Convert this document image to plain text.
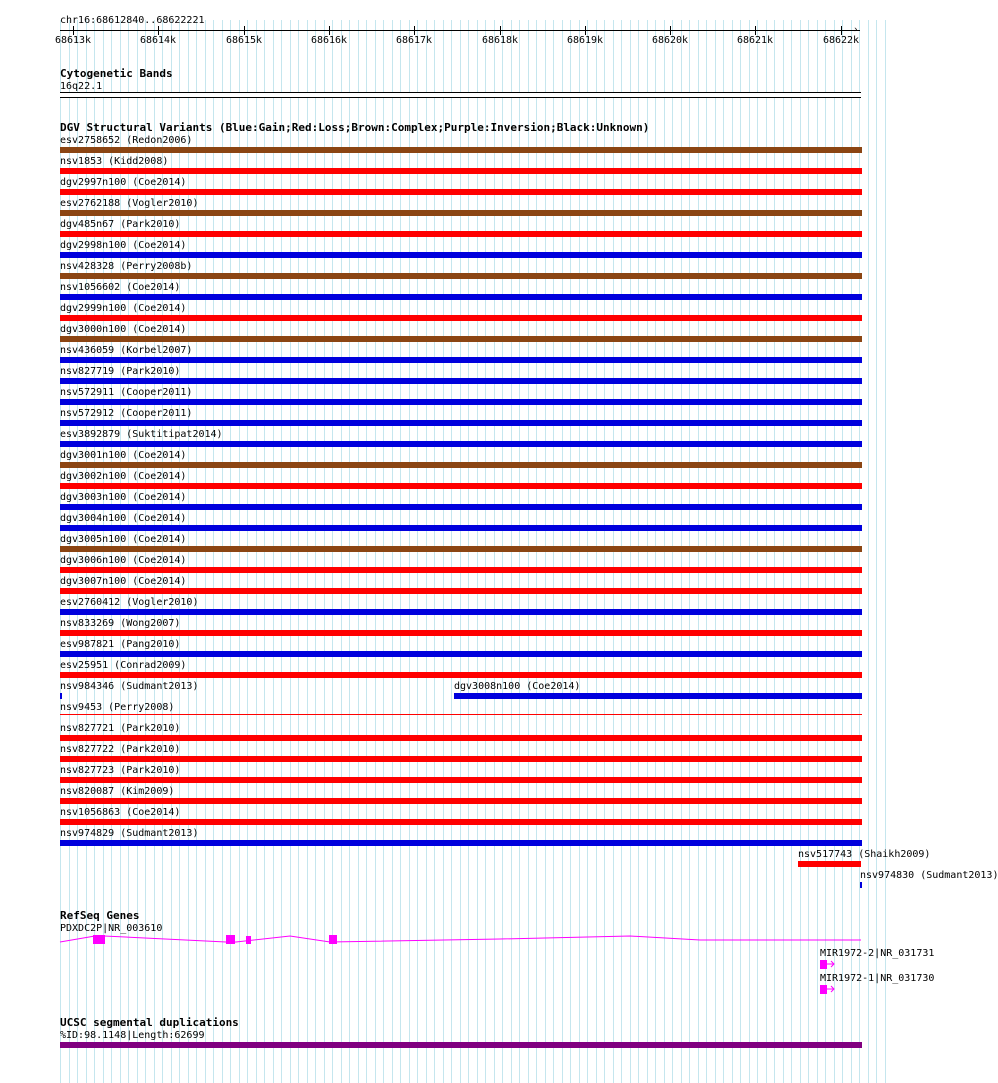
chr16:68612840..68622221
›
68613k	68614k	68615k	68616k	68617k	68618k	68619k	68620k	68621k	68622k
Cytogenetic Bands
16q22.1
DGV Structural Variants (Blue:Gain;Red:Loss;Brown:Complex;Purple:Inversion;Black:Unknown)
esv2758652 (Redon2006)
nsv1853 (Kidd2008)
dgv2997n100 (Coe2014)
esv2762188 (Vogler2010)
dgv485n67 (Park2010)
dgv2998n100 (Coe2014)
nsv428328 (Perry2008b)
nsv1056602 (Coe2014)
dgv2999n100 (Coe2014)
dgv3000n100 (Coe2014)
nsv436059 (Korbel2007)
nsv827719 (Park2010)
nsv572911 (Cooper2011)
nsv572912 (Cooper2011)
esv3892879 (Suktitipat2014)
dgv3001n100 (Coe2014)
dgv3002n100 (Coe2014)
dgv3003n100 (Coe2014)
dgv3004n100 (Coe2014)
dgv3005n100 (Coe2014)
dgv3006n100 (Coe2014)
dgv3007n100 (Coe2014)
esv2760412 (Vogler2010)
nsv833269 (Wong2007)
esv987821 (Pang2010)
esv25951 (Conrad2009)
nsv984346 (Sudmant2013)
nsv9453 (Perry2008)
nsv827721 (Park2010)
nsv827722 (Park2010)
nsv827723 (Park2010)
nsv820087 (Kim2009)
nsv1056863 (Coe2014)
nsv974829 (Sudmant2013)
dgv3008n100 (Coe2014)
nsv517743 (Shaikh2009)
nsv974830 (Sudmant2013)
RefSeq Genes
PDXDC2P|NR_003610
MIR1972-2|NR_031731
MIR1972-1|NR_031730
UCSC segmental duplications
%ID:98.1148|Length:62699
